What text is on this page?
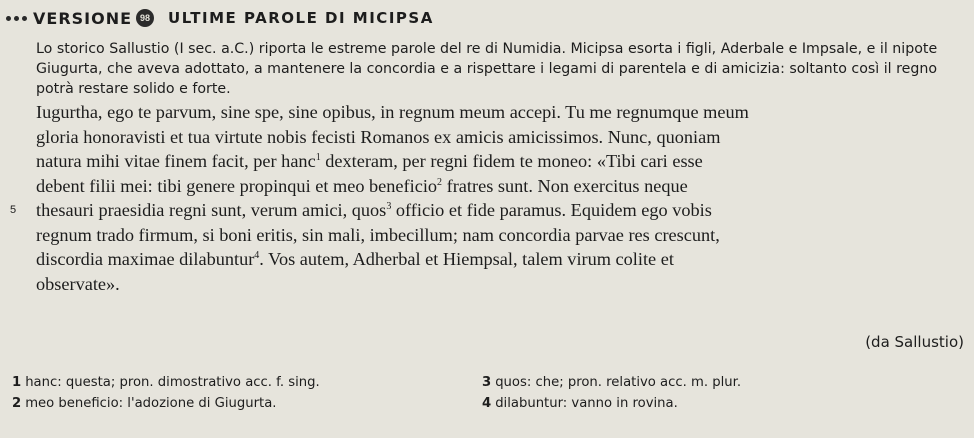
VERSIONE 98 ULTIME PAROLE DI MICIPSA

Lo storico Sallustio (I sec. a.C.) riporta le estreme parole del re di Numidia. Micipsa esorta i figli, Aderbale e Impsale, e il nipote Giugurta, che aveva adottato, a mantenere la concordia e a rispettare i legami di parentela e di amicizia: soltanto così il regno potrà restare solido e forte.

Iugurtha, ego te parvum, sine spe, sine opibus, in regnum meum accepi. Tu me regnumque meum
gloria honoravisti et tua virtute nobis fecisti Romanos ex amicis amicissimos. Nunc, quoniam
natura mihi vitae finem facit, per hanc$^1$ dexteram, per regni fidem te moneo: «Tibi cari esse
debent filii mei: tibi genere propinqui et meo beneficio$^2$ fratres sunt. Non exercitus neque
5 thesauri praesidia regni sunt, verum amici, quos$^3$ officio et fide paramus. Equidem ego vobis
regnum trado firmum, si boni eritis, sin mali, imbecillum; nam concordia parvae res crescunt,
discordia maximae dilabuntur$^4$. Vos autem, Adherbal et Hiempsal, talem virum colite et
observate».
(da Sallustio)
1 hanc: questa; pron. dimostrativo acc. f. sing.	3 quos: che; pron. relativo acc. m. plur.
2 meo beneficio: l'adozione di Giugurta.	4 dilabuntur: vanno in rovina.
